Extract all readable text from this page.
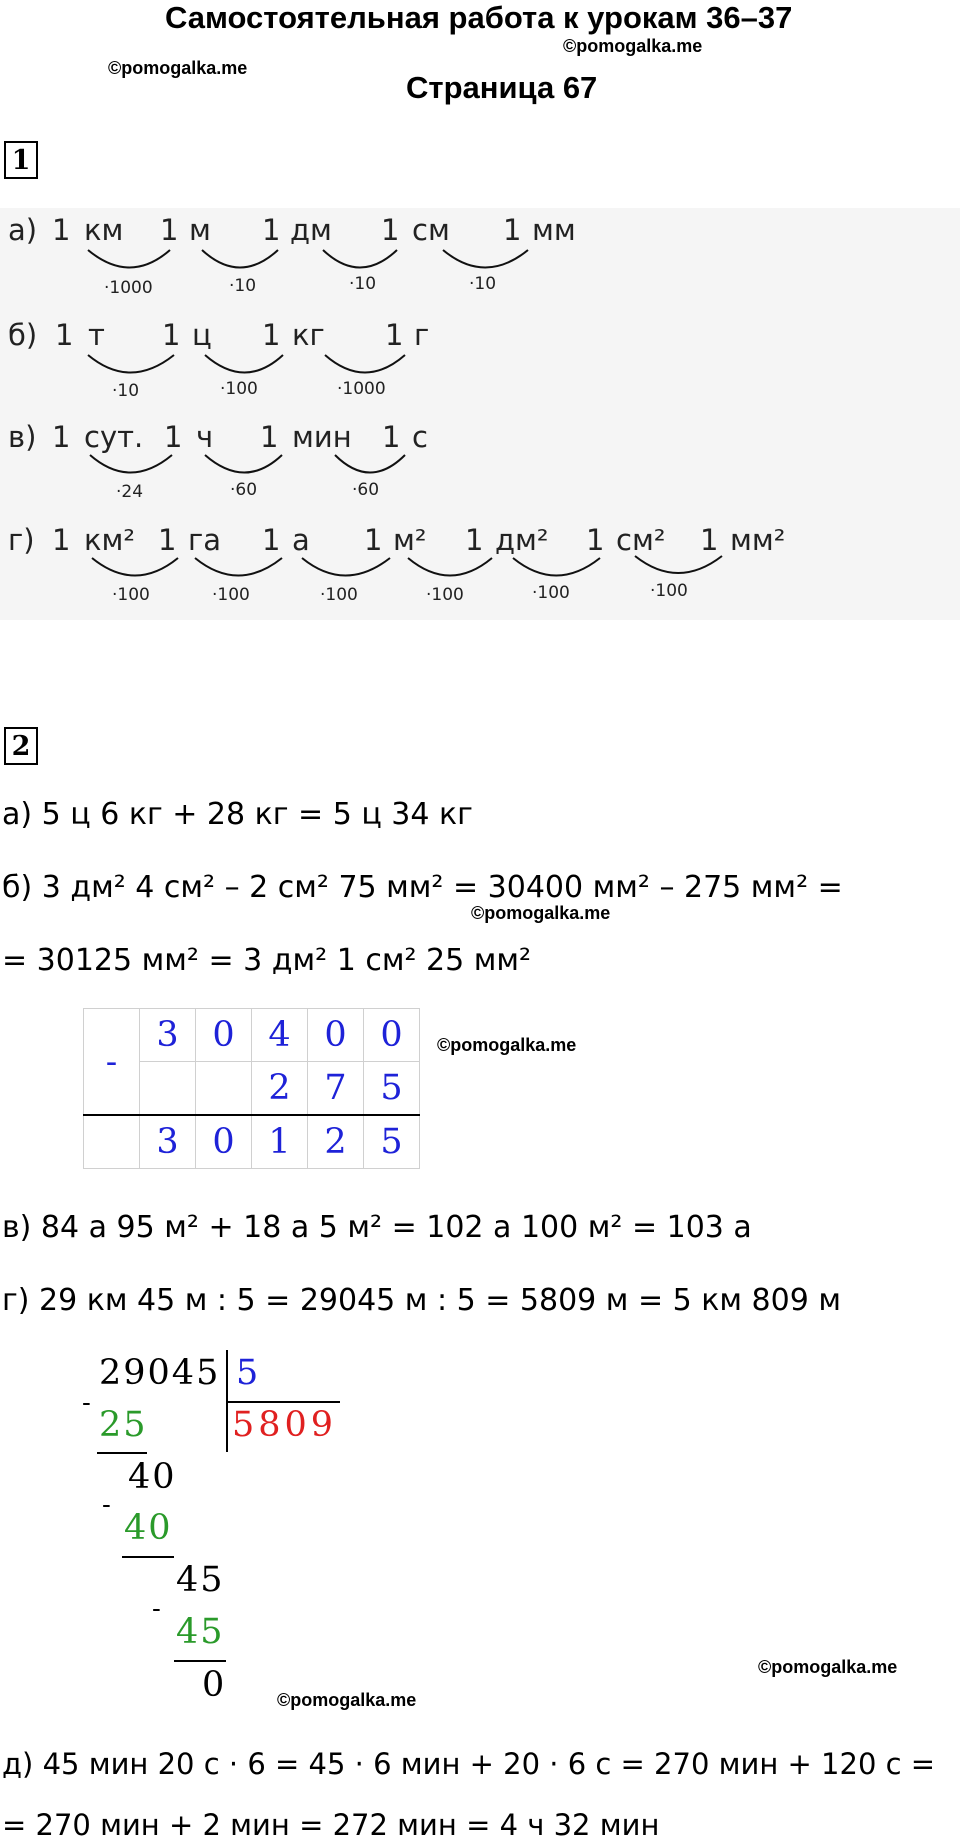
Самостоятельная работа к урокам 36–37
©pomogalka.me
©pomogalka.me
Страница 67
1
а) 1 км 1 м 1 дм 1 см 1 мм
·1000	·10	·10	·10
б) 1 т 1 ц 1 кг 1 г
·10	·100	·1000
в) 1 сут. 1 ч 1 мин 1 с
·24	·60	·60
г) 1 км² 1 га 1 а 1 м² 1 дм² 1 см² 1 мм²
·100	·100	·100	·100	·100	·100
2
а) 5 ц 6 кг + 28 кг = 5 ц 34 кг
б) 3 дм² 4 см² – 2 см² 75 мм² = 30400 мм² – 275 мм² =
©pomogalka.me
= 30125 мм² = 3 дм² 1 см² 25 мм²
-	3	0	4	0	0
			2	7	5
	3	0	1	2	5
©pomogalka.me
в) 84 а 95 м² + 18 а 5 м² = 102 а 100 м² = 103 а
г) 29 км 45 м : 5 = 29045 м : 5 = 5809 м = 5 км 809 м
29045 5
5809
-
25
40
-
40
45
-
45
0	©pomogalka.me
©pomogalka.me
д) 45 мин 20 с · 6 = 45 · 6 мин + 20 · 6 с = 270 мин + 120 с =
= 270 мин + 2 мин = 272 мин = 4 ч 32 мин
